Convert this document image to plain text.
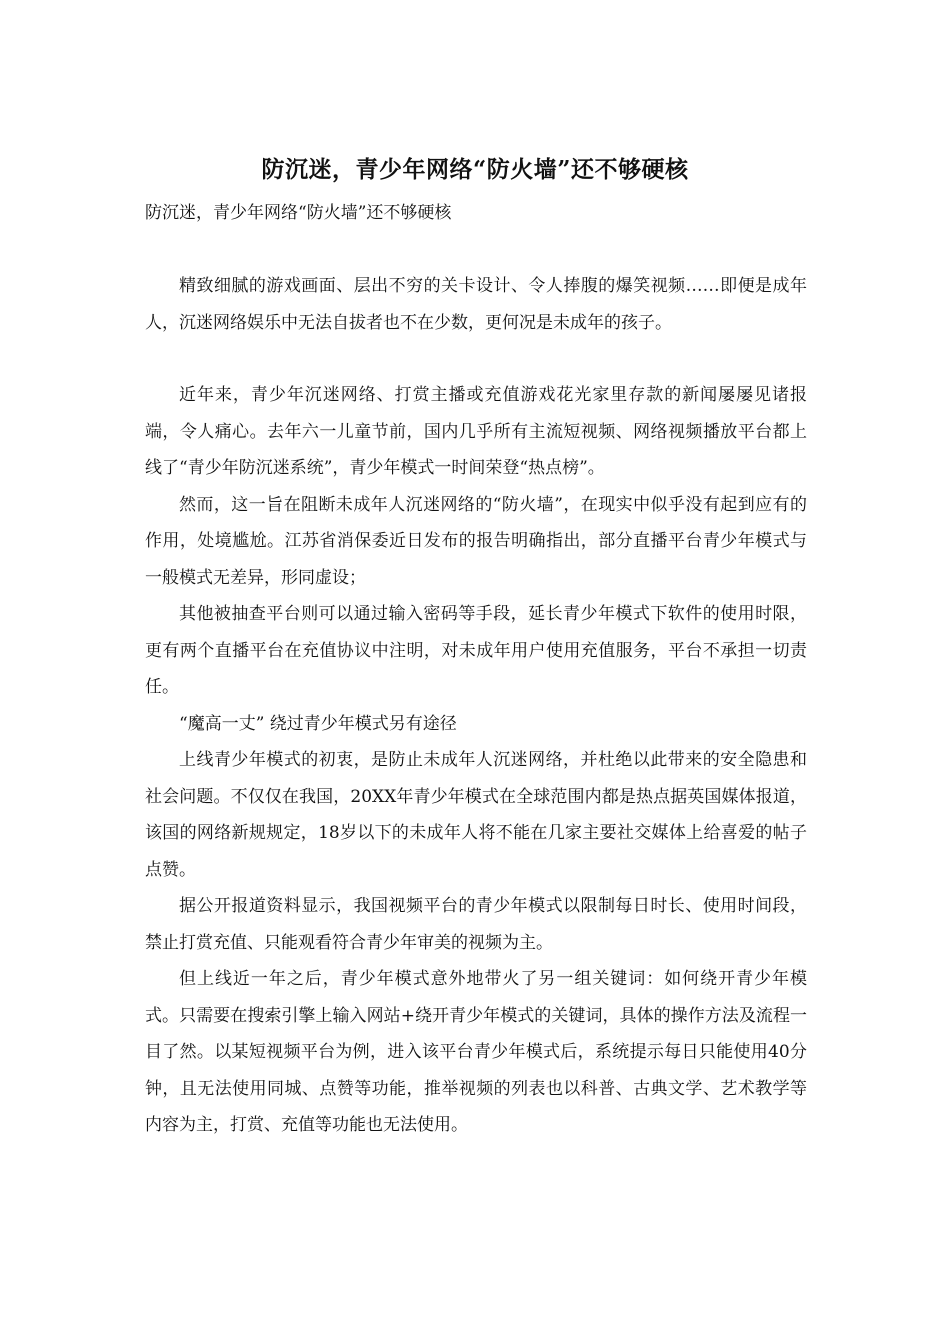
防沉迷，青少年网络“防火墙”还不够硬核

防沉迷，青少年网络“防火墙”还不够硬核

精致细腻的游戏画面、层出不穷的关卡设计、令人捧腹的爆笑视频……即便是成年人，沉迷网络娱乐中无法自拔者也不在少数，更何况是未成年的孩子。

近年来，青少年沉迷网络、打赏主播或充值游戏花光家里存款的新闻屡屡见诸报端，令人痛心。去年六一儿童节前，国内几乎所有主流短视频、网络视频播放平台都上线了“青少年防沉迷系统”，青少年模式一时间荣登“热点榜”。

然而，这一旨在阻断未成年人沉迷网络的“防火墙”，在现实中似乎没有起到应有的作用，处境尴尬。江苏省消保委近日发布的报告明确指出，部分直播平台青少年模式与一般模式无差异，形同虚设；

其他被抽查平台则可以通过输入密码等手段，延长青少年模式下软件的使用时限，更有两个直播平台在充值协议中注明，对未成年用户使用充值服务，平台不承担一切责任。

“魔高一丈” 绕过青少年模式另有途径

上线青少年模式的初衷，是防止未成年人沉迷网络，并杜绝以此带来的安全隐患和社会问题。不仅仅在我国，20XX年青少年模式在全球范围内都是热点据英国媒体报道，该国的网络新规规定，18岁以下的未成年人将不能在几家主要社交媒体上给喜爱的帖子点赞。

据公开报道资料显示，我国视频平台的青少年模式以限制每日时长、使用时间段，禁止打赏充值、只能观看符合青少年审美的视频为主。

但上线近一年之后，青少年模式意外地带火了另一组关键词：如何绕开青少年模式。只需要在搜索引擎上输入网站+绕开青少年模式的关键词，具体的操作方法及流程一目了然。以某短视频平台为例，进入该平台青少年模式后，系统提示每日只能使用40分钟，且无法使用同城、点赞等功能，推举视频的列表也以科普、古典文学、艺术教学等内容为主，打赏、充值等功能也无法使用。
